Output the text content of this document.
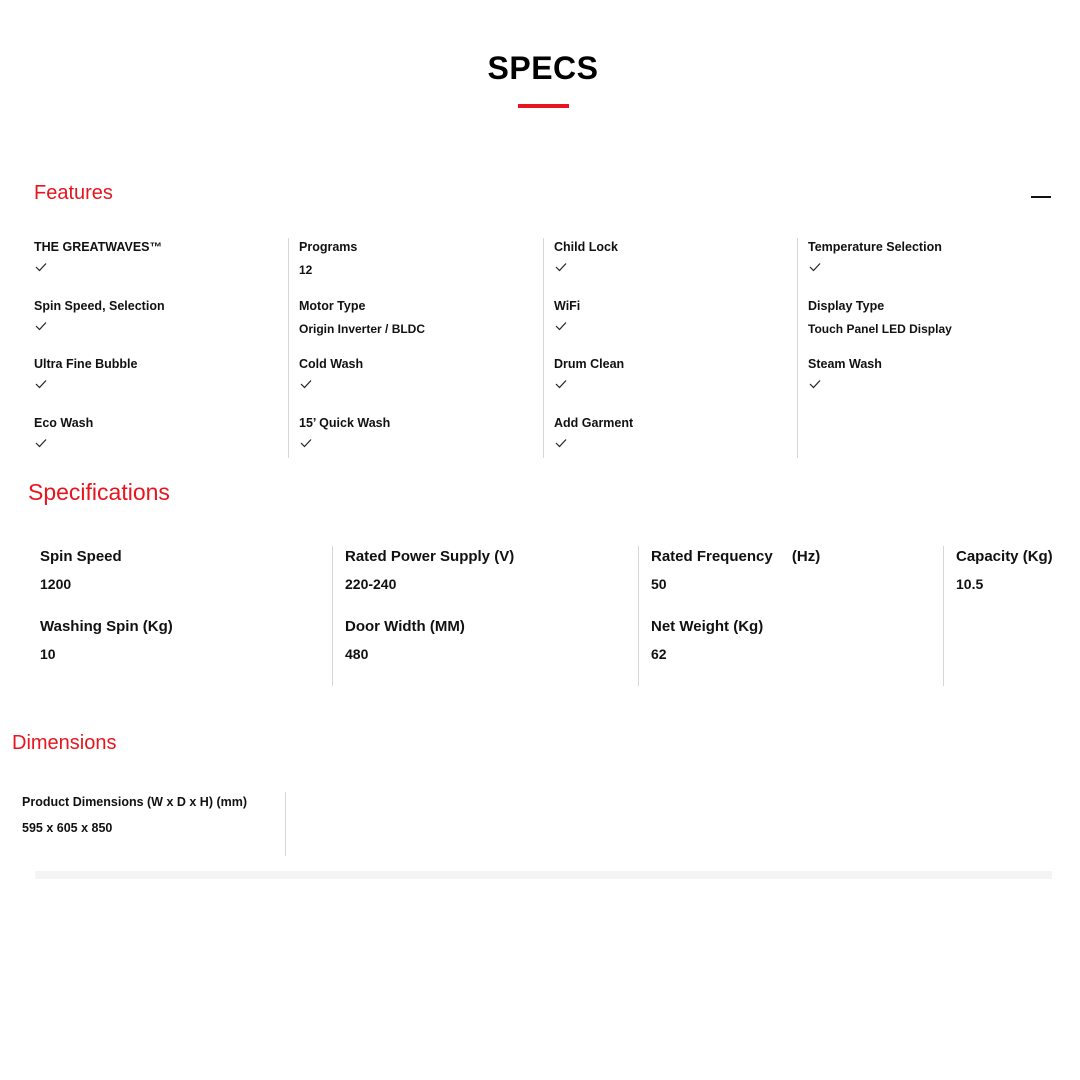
SPECS
Features
THE GREATWAVES™
Spin Speed, Selection
Ultra Fine Bubble
Eco Wash
Programs
12
Motor Type
Origin Inverter / BLDC
Cold Wash
15’ Quick Wash
Child Lock
WiFi
Drum Clean
Add Garment
Temperature Selection
Display Type
Touch Panel LED Display
Steam Wash
Specifications
Spin Speed
1200
Washing Spin (Kg)
10
Rated Power Supply (V)
220-240
Door Width (MM)
480
Rated Frequency 　(Hz)
50
Net Weight (Kg)
62
Capacity (Kg)
10.5
Dimensions
Product Dimensions (W x D x H) (mm)
595 x 605 x 850
